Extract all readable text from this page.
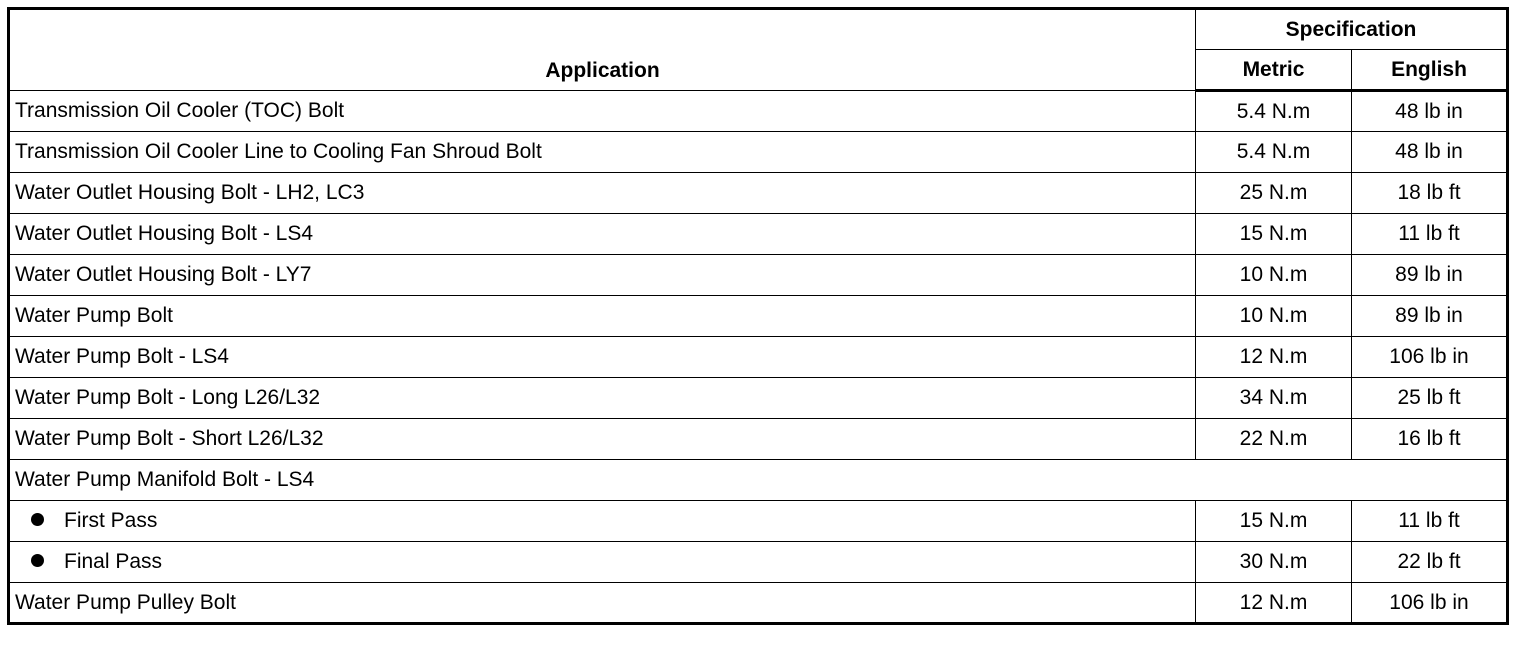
Application	Specification	
	Metric	English
Transmission Oil Cooler (TOC) Bolt	5.4 N.m	48 lb in
Transmission Oil Cooler Line to Cooling Fan Shroud Bolt	5.4 N.m	48 lb in
Water Outlet Housing Bolt - LH2, LC3	25 N.m	18 lb ft
Water Outlet Housing Bolt - LS4	15 N.m	11 lb ft
Water Outlet Housing Bolt - LY7	10 N.m	89 lb in
Water Pump Bolt	10 N.m	89 lb in
Water Pump Bolt - LS4	12 N.m	106 lb in
Water Pump Bolt - Long L26/L32	34 N.m	25 lb ft
Water Pump Bolt - Short L26/L32	22 N.m	16 lb ft
Water Pump Manifold Bolt - LS4		
First Pass	15 N.m	11 lb ft
Final Pass	30 N.m	22 lb ft
Water Pump Pulley Bolt	12 N.m	106 lb in
